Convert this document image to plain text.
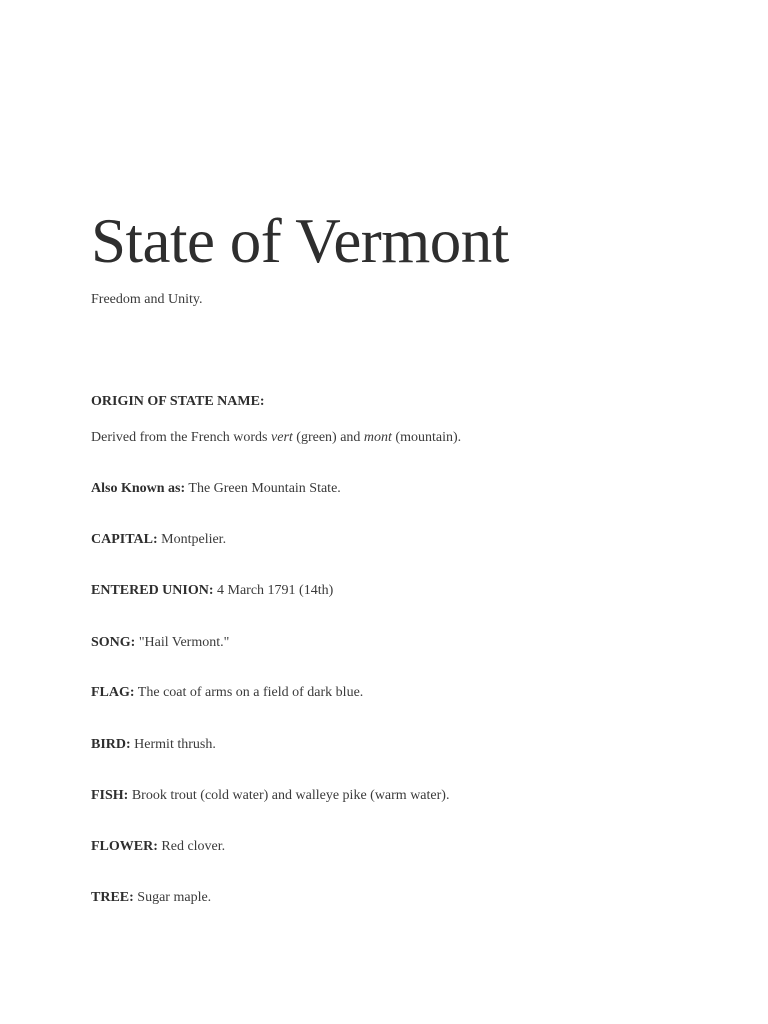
State of Vermont

Freedom and Unity.

ORIGIN OF STATE NAME:

Derived from the French words vert (green) and mont (mountain).

Also Known as: The Green Mountain State.

CAPITAL: Montpelier.

ENTERED UNION: 4 March 1791 (14th)

SONG: "Hail Vermont."

FLAG: The coat of arms on a field of dark blue.

BIRD: Hermit thrush.

FISH: Brook trout (cold water) and walleye pike (warm water).

FLOWER: Red clover.

TREE: Sugar maple.
